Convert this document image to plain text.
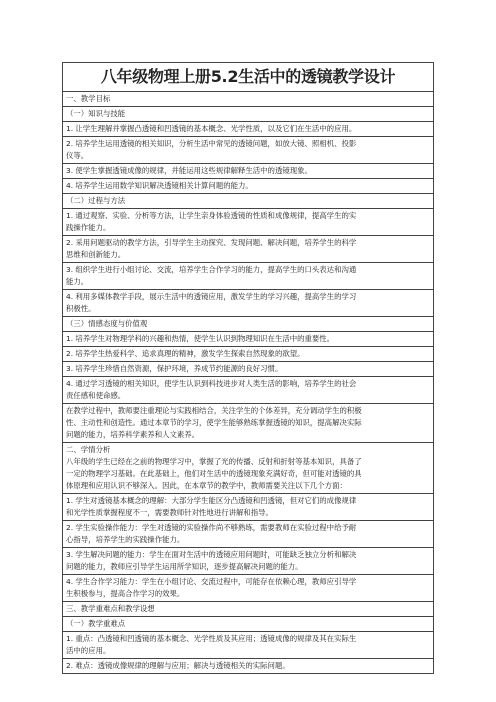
八年级物理上册5.2生活中的透镜教学设计
一、教学目标
（一）知识与技能
1. 让学生理解并掌握凸透镜和凹透镜的基本概念、光学性质，以及它们在生活中的应用。
2. 培养学生运用透镜的相关知识，分析生活中常见的透镜问题，如放大镜、照相机、投影
仪等。
3. 使学生掌握透镜成像的规律，并能运用这些规律解释生活中的透镜现象。
4. 培养学生运用数学知识解决透镜相关计算问题的能力。
（二）过程与方法
1. 通过观察、实验、分析等方法，让学生亲身体验透镜的性质和成像规律，提高学生的实
践操作能力。
2. 采用问题驱动的教学方法，引导学生主动探究、发现问题、解决问题，培养学生的科学
思维和创新能力。
3. 组织学生进行小组讨论、交流，培养学生合作学习的能力，提高学生的口头表达和沟通
能力。
4. 利用多媒体教学手段，展示生活中的透镜应用，激发学生的学习兴趣，提高学生的学习
积极性。
（三）情感态度与价值观
1. 培养学生对物理学科的兴趣和热情，使学生认识到物理知识在生活中的重要性。
2. 培养学生热爱科学、追求真理的精神，激发学生探索自然现象的欲望。
3. 培养学生珍惜自然资源，保护环境，养成节约能源的良好习惯。
4. 通过学习透镜的相关知识，使学生认识到科技进步对人类生活的影响，培养学生的社会
责任感和使命感。
在教学过程中，教师要注重理论与实践相结合，关注学生的个体差异，充分调动学生的积极
性、主动性和创造性。通过本章节的学习，使学生能够熟练掌握透镜的知识，提高解决实际
问题的能力，培养科学素养和人文素养。
二、学情分析
八年级的学生已经在之前的物理学习中，掌握了光的传播、反射和折射等基本知识，具备了
一定的物理学习基础。在此基础上，他们对生活中的透镜现象充满好奇，但可能对透镜的具
体原理和应用认识不够深入。因此，在本章节的教学中，教师需要关注以下几个方面：
1. 学生对透镜基本概念的理解：大部分学生能区分凸透镜和凹透镜，但对它们的成像规律
和光学性质掌握程度不一，需要教师针对性地进行讲解和指导。
2. 学生实验操作能力：学生对透镜的实验操作尚不够熟练，需要教师在实验过程中给予耐
心指导，培养学生的实践操作能力。
3. 学生解决问题的能力：学生在面对生活中的透镜应用问题时，可能缺乏独立分析和解决
问题的能力，教师应引导学生运用所学知识，逐步提高解决问题的能力。
4. 学生合作学习能力：学生在小组讨论、交流过程中，可能存在依赖心理，教师应引导学
生积极参与，提高合作学习的效果。
三、教学重难点和教学设想
（一）教学重难点
1. 重点：凸透镜和凹透镜的基本概念、光学性质及其应用；透镜成像的规律及其在实际生
活中的应用。
2. 难点：透镜成像规律的理解与应用；解决与透镜相关的实际问题。
